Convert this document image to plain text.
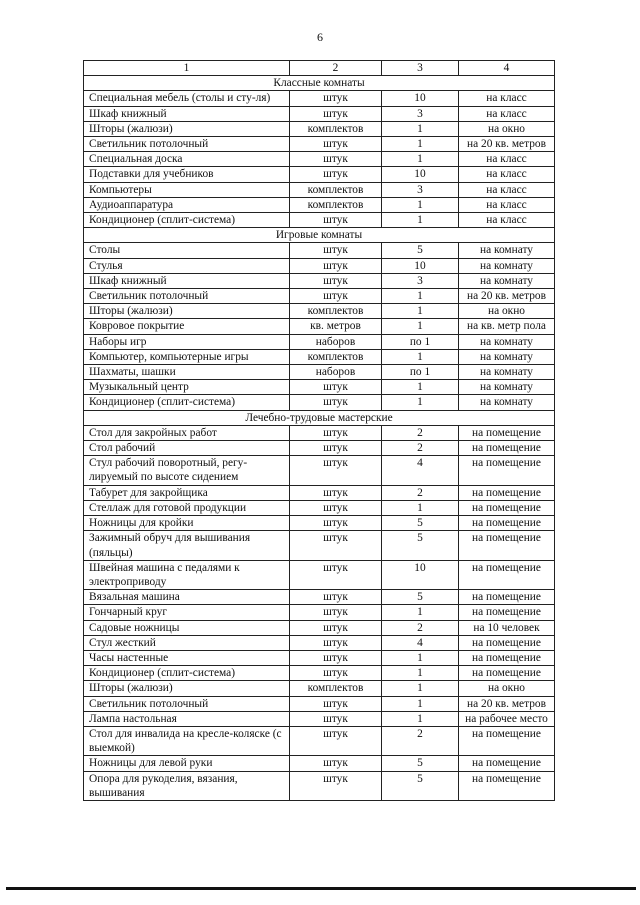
6
1	2	3	4
Классные комнаты			
Специальная мебель (столы и сту-ля)	штук	10	на класс
Шкаф книжный	штук	3	на класс
Шторы (жалюзи)	комплектов	1	на окно
Светильник потолочный	штук	1	на 20 кв. метров
Специальная доска	штук	1	на класс
Подставки для учебников	штук	10	на класс
Компьютеры	комплектов	3	на класс
Аудиоаппаратура	комплектов	1	на класс
Кондиционер (сплит-система)	штук	1	на класс
Игровые комнаты			
Столы	штук	5	на комнату
Стулья	штук	10	на комнату
Шкаф книжный	штук	3	на комнату
Светильник потолочный	штук	1	на 20 кв. метров
Шторы (жалюзи)	комплектов	1	на окно
Ковровое покрытие	кв. метров	1	на кв. метр пола
Наборы игр	наборов	по 1	на комнату
Компьютер, компьютерные игры	комплектов	1	на комнату
Шахматы, шашки	наборов	по 1	на комнату
Музыкальный центр	штук	1	на комнату
Кондиционер (сплит-система)	штук	1	на комнату
Лечебно-трудовые мастерские			
Стол для закройных работ	штук	2	на помещение
Стол рабочий	штук	2	на помещение
Стул рабочий поворотный, регу-лируемый по высоте сидением	штук	4	на помещение
Табурет для закройщика	штук	2	на помещение
Стеллаж для готовой продукции	штук	1	на помещение
Ножницы для кройки	штук	5	на помещение
Зажимный обруч для вышивания (пяльцы)	штук	5	на помещение
Швейная машина с педалями к электроприводу	штук	10	на помещение
Вязальная машина	штук	5	на помещение
Гончарный круг	штук	1	на помещение
Садовые ножницы	штук	2	на 10 человек
Стул жесткий	штук	4	на помещение
Часы настенные	штук	1	на помещение
Кондиционер (сплит-система)	штук	1	на помещение
Шторы (жалюзи)	комплектов	1	на окно
Светильник потолочный	штук	1	на 20 кв. метров
Лампа настольная	штук	1	на рабочее место
Стол для инвалида на кресле-коляске (с выемкой)	штук	2	на помещение
Ножницы для левой руки	штук	5	на помещение
Опора для рукоделия, вязания, вышивания	штук	5	на помещение
